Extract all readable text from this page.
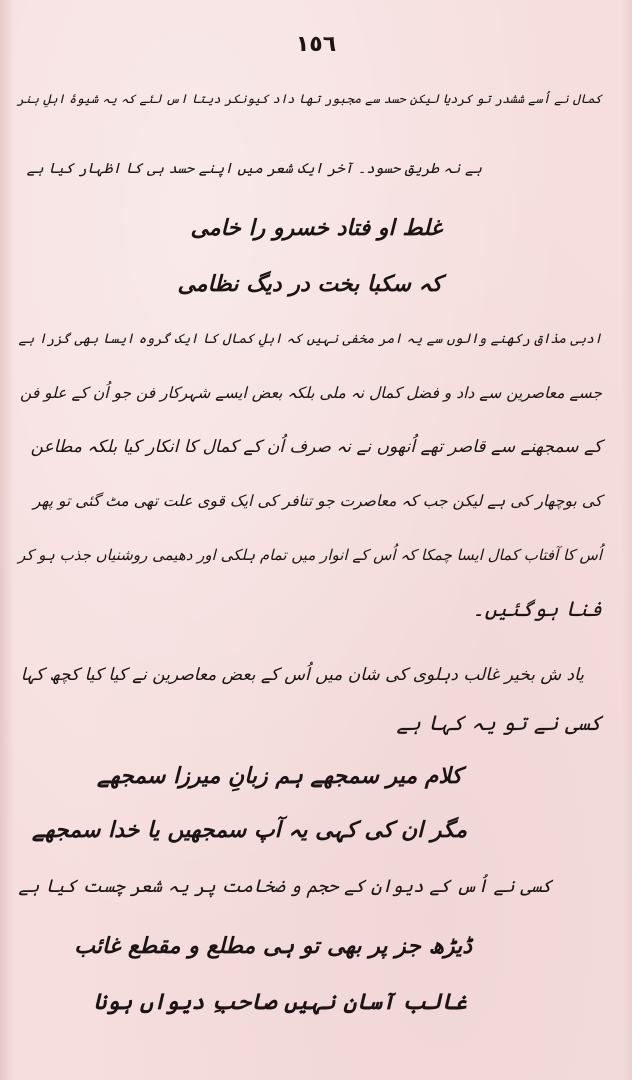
١٥٦
کمال نے اُسے ششدر تو کردیا لیکن حسد سے مجبور تھا داد کیونکر دیتا اس لئے کہ یہ شیوۂ اہلِ ہنر
ہے نہ طریق حسود۔ آخر ایک شعر میں اپنے حسد ہی کا اظہار کیا ہے
غلط او فتاد خسرو را خامی
کہ سکبا بخت در دیگ نظامی
ادبی مذاق رکھنے والوں سے یہ امر مخفی نہیں کہ اہلِ کمال کا ایک گروہ ایسا بھی گزرا ہے
جسے معاصرین سے داد و فضل کمال نہ ملی بلکہ بعض ایسے شہرکار فن جو اُن کے علو فن
کے سمجھنے سے قاصر تھے اُنھوں نے نہ صرف اُن کے کمال کا انکار کیا بلکہ مطاعن
کی بوچھار کی ہے لیکن جب کہ معاصرت جو تنافر کی ایک قوی علت تھی مٹ گئی تو پھر
اُس کا آفتاب کمال ایسا چمکا کہ اُس کے انوار میں تمام ہلکی اور دھیمی روشنیاں جذب ہو کر
فنا ہوگئیں۔
یاد ش بخیر غالب دہلوی کی شان میں اُس کے بعض معاصرین نے کیا کیا کچھ کہا
کسی نے تو یہ کہا ہے
کلام میر سمجھے ہم زبانِ میرزا سمجھے
مگر ان کی کہی یہ آپ سمجھیں یا خدا سمجھے
کسی نے اُس کے دیوان کے حجم و ضخامت پر یہ شعر چست کیا ہے
ڈیڑھ جز پر بھی تو ہی مطلع و مقطع غائب
غالب آسان نہیں صاحبِ دیواں ہونا
